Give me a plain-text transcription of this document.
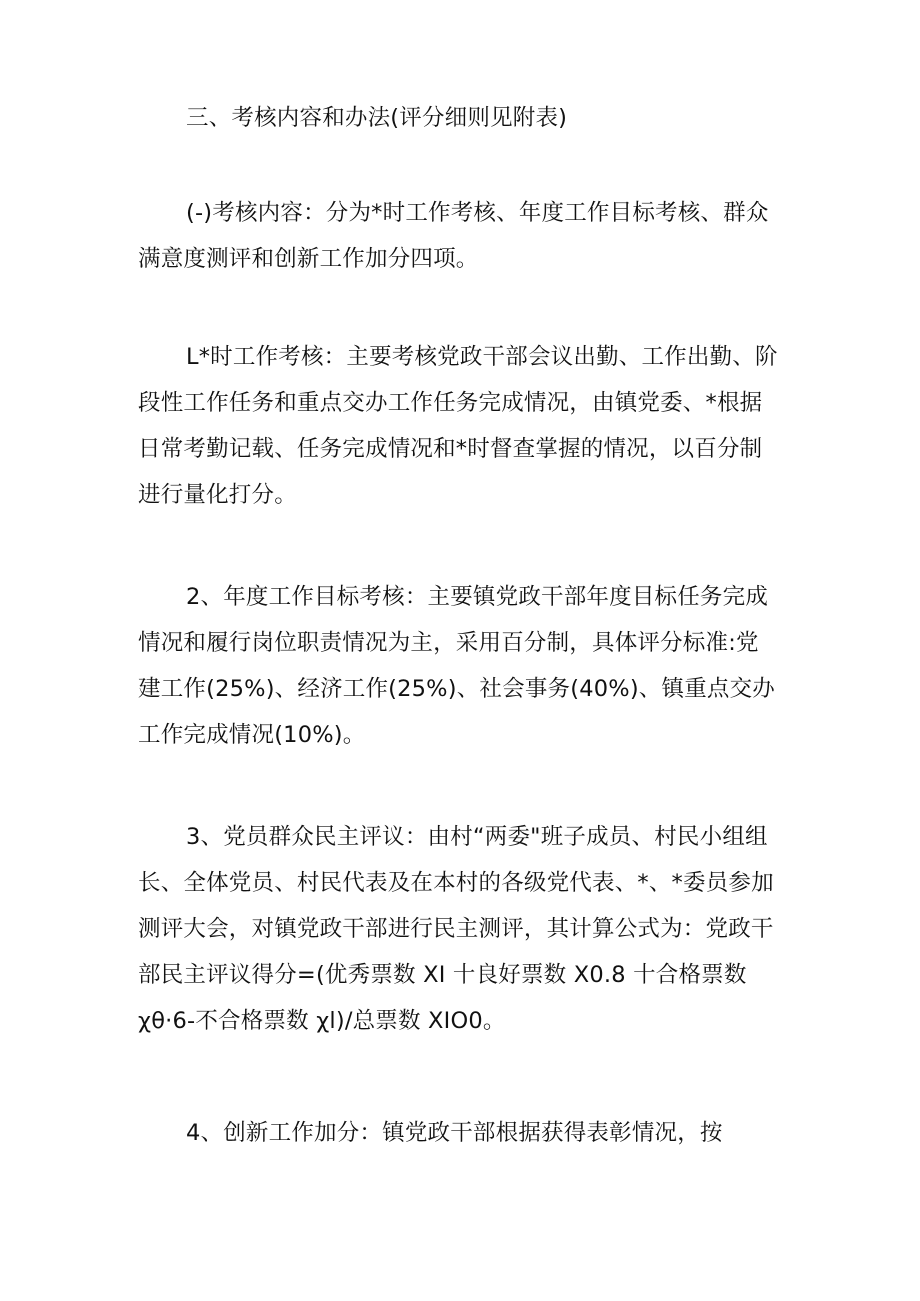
三、考核内容和办法(评分细则见附表)

(-)考核内容：分为*时工作考核、年度工作目标考核、群众
满意度测评和创新工作加分四项。

L*时工作考核：主要考核党政干部会议出勤、工作出勤、阶
段性工作任务和重点交办工作任务完成情况，由镇党委、*根据
日常考勤记载、任务完成情况和*时督查掌握的情况，以百分制
进行量化打分。

2、年度工作目标考核：主要镇党政干部年度目标任务完成
情况和履行岗位职责情况为主，采用百分制，具体评分标准:党
建工作(25%)、经济工作(25%)、社会事务(40%)、镇重点交办
工作完成情况(10%)。

3、党员群众民主评议：由村“两委"班子成员、村民小组组
长、全体党员、村民代表及在本村的各级党代表、*、*委员参加
测评大会，对镇党政干部进行民主测评，其计算公式为：党政干
部民主评议得分=(优秀票数 XI 十良好票数 X0.8 十合格票数
χθ·6-不合格票数 χl)/总票数 XIO0。

4、创新工作加分：镇党政干部根据获得表彰情况，按
